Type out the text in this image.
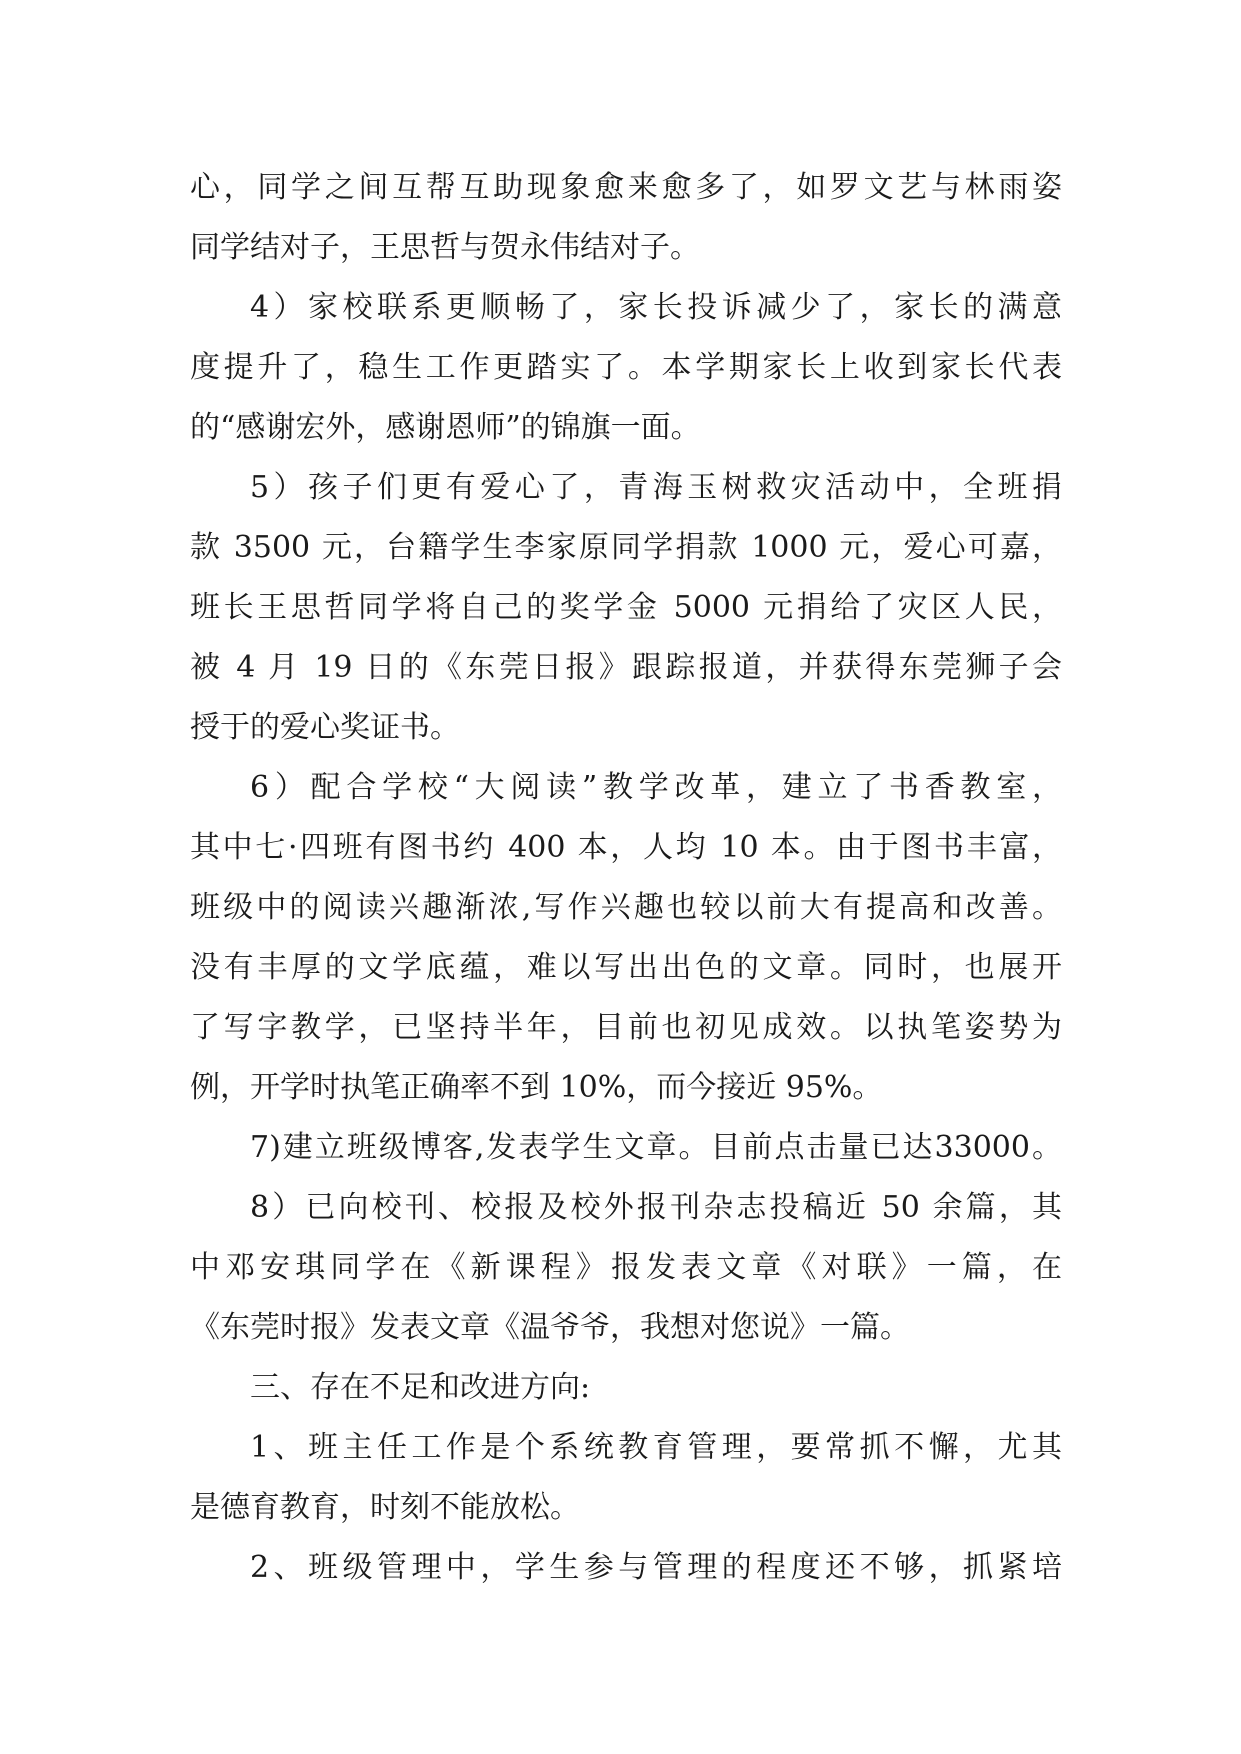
心，同学之间互帮互助现象愈来愈多了，如罗文艺与林雨姿
同学结对子，王思哲与贺永伟结对子。
4）家校联系更顺畅了，家长投诉减少了，家长的满意
度提升了，稳生工作更踏实了。本学期家长上收到家长代表
的“感谢宏外，感谢恩师”的锦旗一面。
5）孩子们更有爱心了，青海玉树救灾活动中，全班捐
款 3500 元，台籍学生李家原同学捐款 1000 元，爱心可嘉，
班长王思哲同学将自己的奖学金 5000 元捐给了灾区人民，
被 4 月 19 日的《东莞日报》跟踪报道，并获得东莞狮子会
授于的爱心奖证书。
6）配合学校“大阅读”教学改革，建立了书香教室，
其中七·四班有图书约 400 本，人均 10 本。由于图书丰富，
班级中的阅读兴趣渐浓,写作兴趣也较以前大有提高和改善。
没有丰厚的文学底蕴，难以写出出色的文章。同时，也展开
了写字教学，已坚持半年，目前也初见成效。以执笔姿势为
例，开学时执笔正确率不到 10%，而今接近 95%。
7)建立班级博客,发表学生文章。目前点击量已达33000。
8）已向校刊、校报及校外报刊杂志投稿近 50 余篇，其
中邓安琪同学在《新课程》报发表文章《对联》一篇，在
《东莞时报》发表文章《温爷爷，我想对您说》一篇。
三、存在不足和改进方向:
1、班主任工作是个系统教育管理，要常抓不懈，尤其
是德育教育，时刻不能放松。
2、班级管理中，学生参与管理的程度还不够，抓紧培
